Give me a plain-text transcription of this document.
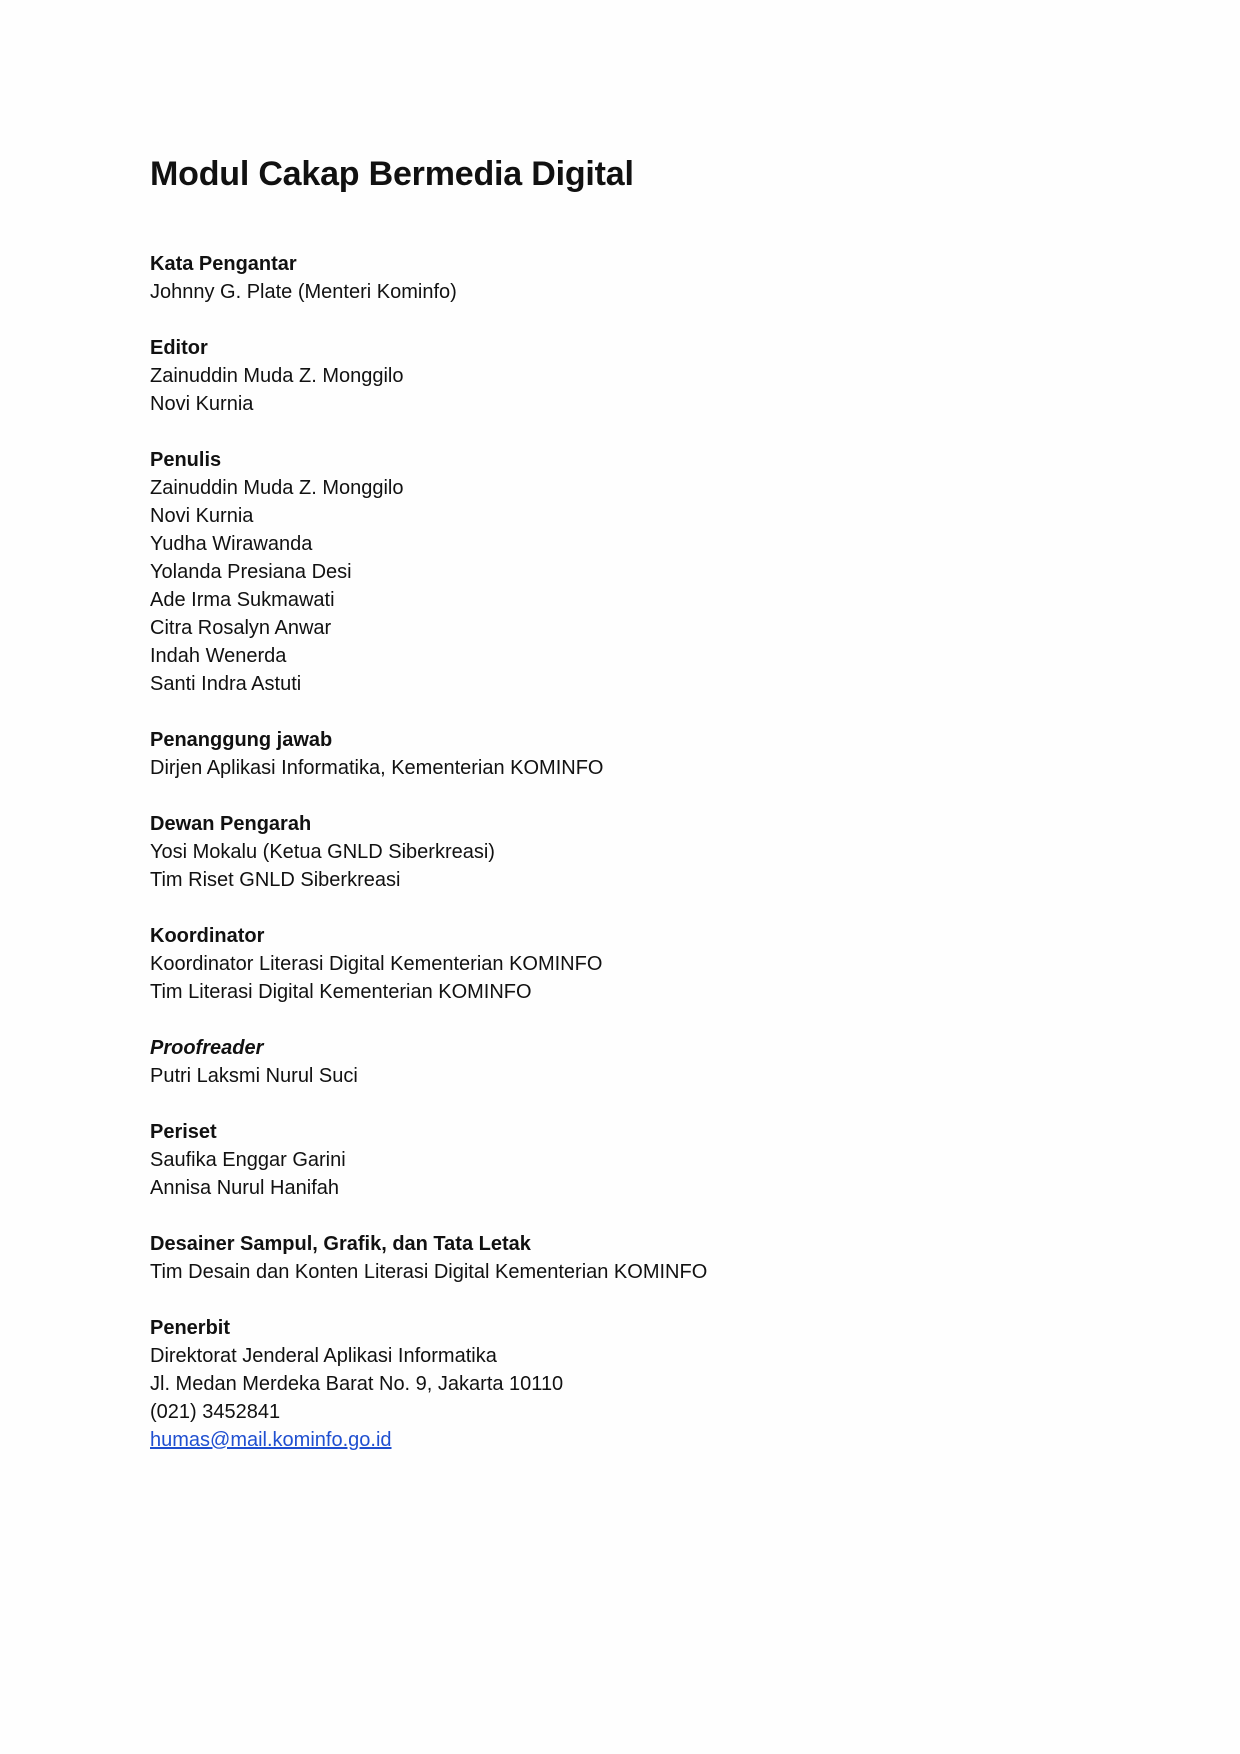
Modul Cakap Bermedia Digital

Kata Pengantar

Johnny G. Plate (Menteri Kominfo)

Editor

Zainuddin Muda Z. Monggilo

Novi Kurnia

Penulis

Zainuddin Muda Z. Monggilo

Novi Kurnia

Yudha Wirawanda

Yolanda Presiana Desi

Ade Irma Sukmawati

Citra Rosalyn Anwar

Indah Wenerda

Santi Indra Astuti

Penanggung jawab

Dirjen Aplikasi Informatika, Kementerian KOMINFO

Dewan Pengarah

Yosi Mokalu (Ketua GNLD Siberkreasi)

Tim Riset GNLD Siberkreasi

Koordinator

Koordinator Literasi Digital Kementerian KOMINFO

Tim Literasi Digital Kementerian KOMINFO

Proofreader

Putri Laksmi Nurul Suci

Periset

Saufika Enggar Garini

Annisa Nurul Hanifah

Desainer Sampul, Grafik, dan Tata Letak

Tim Desain dan Konten Literasi Digital Kementerian KOMINFO

Penerbit

Direktorat Jenderal Aplikasi Informatika

Jl. Medan Merdeka Barat No. 9, Jakarta 10110

(021) 3452841

humas@mail.kominfo.go.id
